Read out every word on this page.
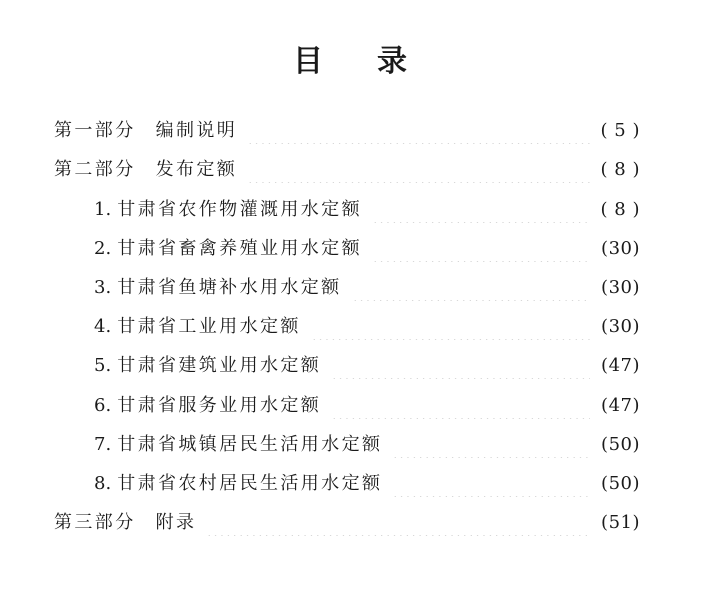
目 录
第一部分 编制说明	( 5 )
第二部分 发布定额	( 8 )
1. 甘肃省农作物灌溉用水定额	( 8 )
2. 甘肃省畜禽养殖业用水定额	(30)
3. 甘肃省鱼塘补水用水定额	(30)
4. 甘肃省工业用水定额	(30)
5. 甘肃省建筑业用水定额	(47)
6. 甘肃省服务业用水定额	(47)
7. 甘肃省城镇居民生活用水定额	(50)
8. 甘肃省农村居民生活用水定额	(50)
第三部分 附录	(51)
